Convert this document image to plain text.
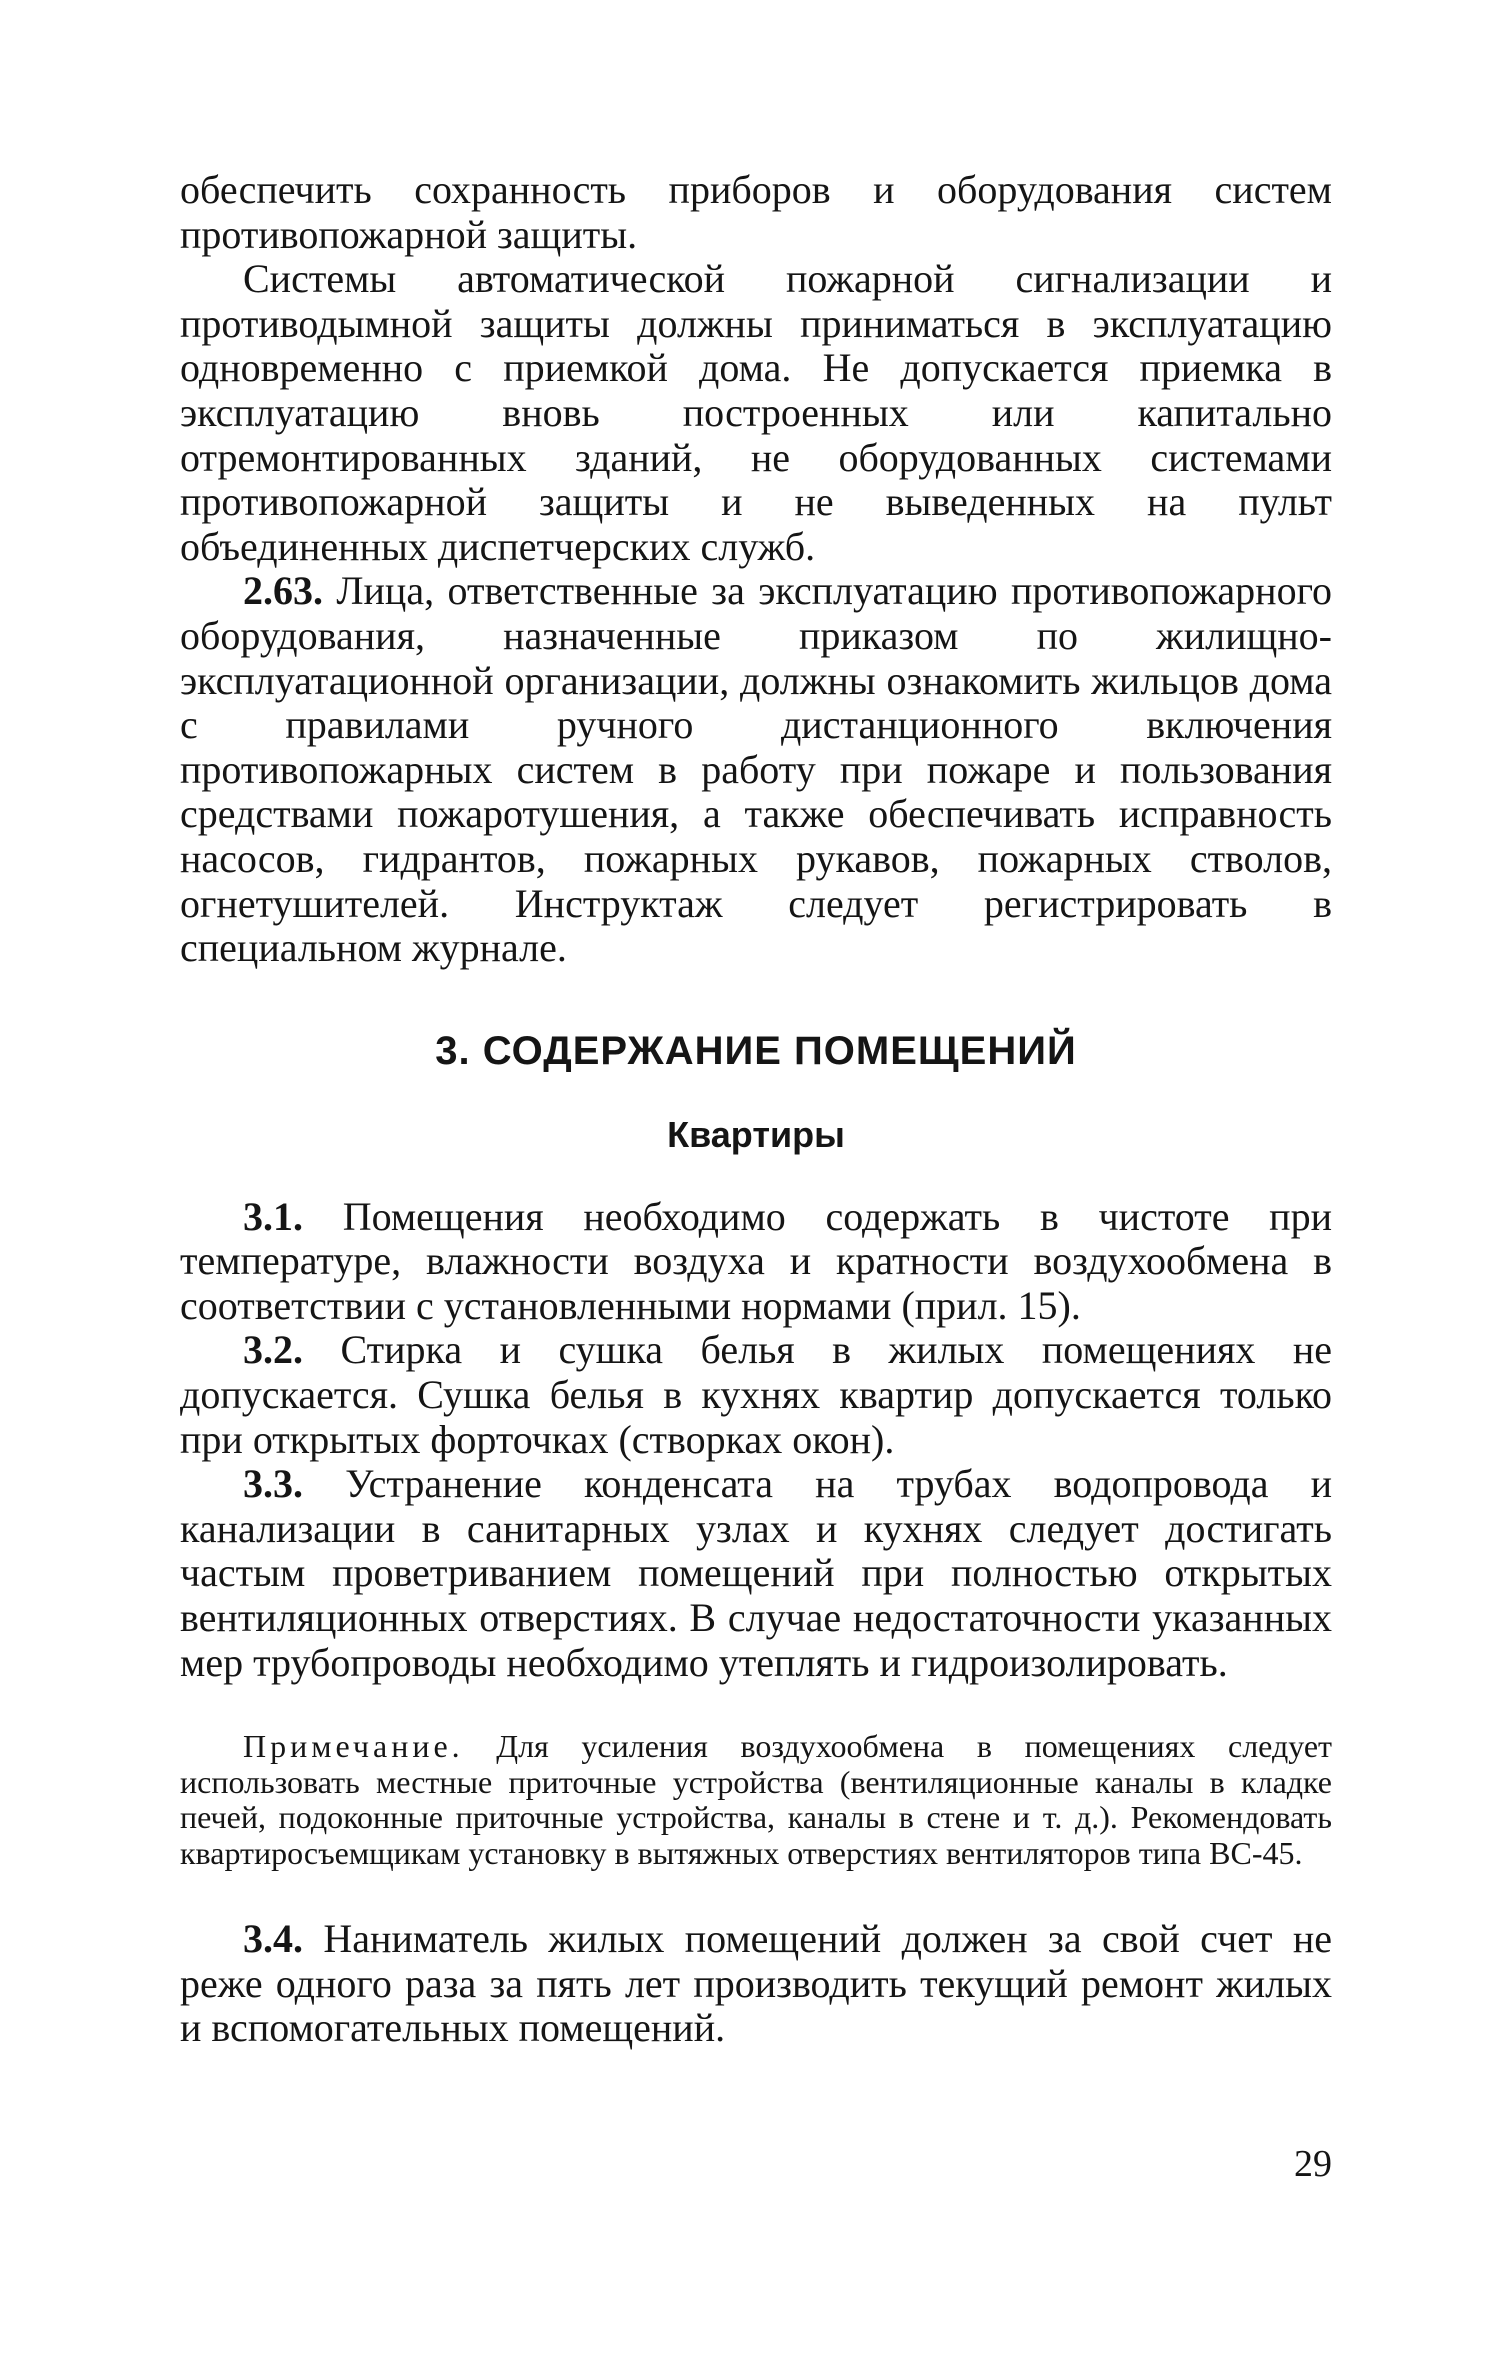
обеспечить сохранность приборов и оборудования систем противопожарной защиты.

Системы автоматической пожарной сигнализации и противодымной защиты должны приниматься в эксплуатацию одновременно с приемкой дома. Не допускается приемка в эксплуатацию вновь построенных или капитально отремонтированных зданий, не оборудованных системами противопожарной защиты и не выведенных на пульт объединенных диспетчерских служб.

2.63. Лица, ответственные за эксплуатацию противопожарного оборудования, назначенные приказом по жилищно-эксплуатационной организации, должны ознакомить жильцов дома с правилами ручного дистанционного включения противопожарных систем в работу при пожаре и пользования средствами пожаротушения, а также обеспечивать исправность насосов, гидрантов, пожарных рукавов, пожарных стволов, огнетушителей. Инструктаж следует регистрировать в специальном журнале.

3. СОДЕРЖАНИЕ ПОМЕЩЕНИЙ
Квартиры

3.1. Помещения необходимо содержать в чистоте при температуре, влажности воздуха и кратности воздухообмена в соответствии с установленными нормами (прил. 15).

3.2. Стирка и сушка белья в жилых помещениях не допускается. Сушка белья в кухнях квартир допускается только при открытых форточках (створках окон).

3.3. Устранение конденсата на трубах водопровода и канализации в санитарных узлах и кухнях следует достигать частым проветриванием помещений при полностью открытых вентиляционных отверстиях. В случае недостаточности указанных мер трубопроводы необходимо утеплять и гидроизолировать.

Примечание. Для усиления воздухообмена в помещениях следует использовать местные приточные устройства (вентиляционные каналы в кладке печей, подоконные приточные устройства, каналы в стене и т. д.). Рекомендовать квартиросъемщикам установку в вытяжных отверстиях вентиляторов типа ВС-45.

3.4. Наниматель жилых помещений должен за свой счет не реже одного раза за пять лет производить текущий ремонт жилых и вспомогательных помещений.

29
